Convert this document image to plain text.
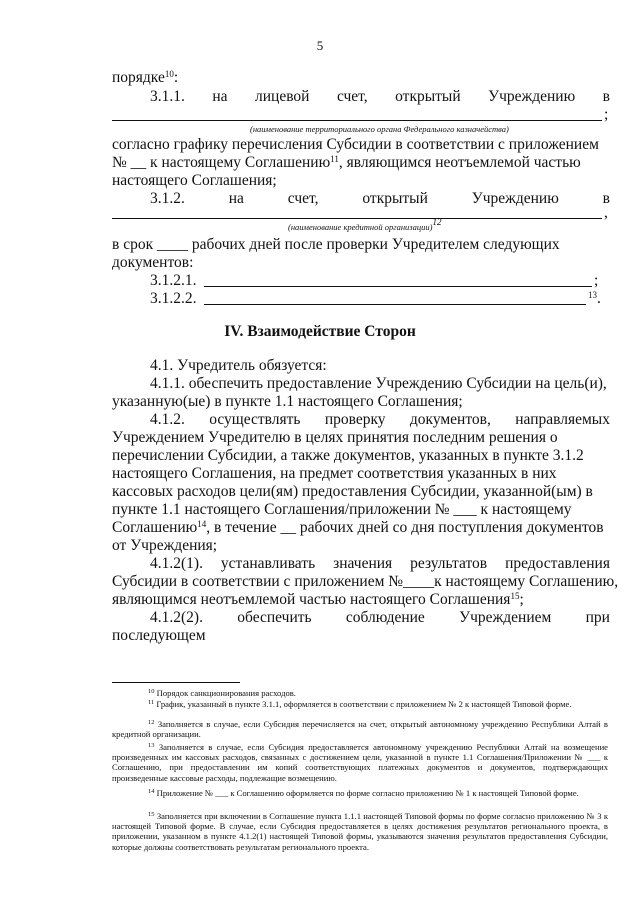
5
порядке$^{10}$:
3.1.1. на лицевой счет, открытый Учреждению в
;
(наименование территориального органа Федерального казначейства)
согласно графику перечисления Субсидии в соответствии с приложением
№ __ к настоящему Соглашению$^{11}$, являющимся неотъемлемой частью
настоящего Соглашения;
3.1.2.	на	счет,	открытый	Учреждению	в
,
(наименование кредитной организации)$^{12}$
в срок ____ рабочих дней после проверки Учредителем следующих
документов:
3.1.2.1.	;
3.1.2.2.	$^{13}$.
IV. Взаимодействие Сторон
4.1. Учредитель обязуется:
4.1.1. обеспечить предоставление Учреждению Субсидии на цель(и),
указанную(ые) в пункте 1.1 настоящего Соглашения;
4.1.2. осуществлять проверку документов, направляемых
Учреждением Учредителю в целях принятия последним решения о
перечислении Субсидии, а также документов, указанных в пункте 3.1.2
настоящего Соглашения, на предмет соответствия указанных в них
кассовых расходов цели(ям) предоставления Субсидии, указанной(ым) в
пункте 1.1 настоящего Соглашения/приложении № ___ к настоящему
Соглашению$^{14}$, в течение __ рабочих дней со дня поступления документов
от Учреждения;
4.1.2(1). устанавливать значения результатов предоставления
Субсидии в соответствии с приложением №____к настоящему Соглашению,
являющимся неотъемлемой частью настоящего Соглашения$^{15}$;
4.1.2(2). обеспечить соблюдение Учреждением при
последующем
$^{10}$ Порядок санкционирования расходов.
$^{11}$ График, указанный в пункте 3.1.1, оформляется в соответствии с приложением № 2 к настоящей Типовой форме.
$^{12}$ Заполняется в случае, если Субсидия перечисляется на счет, открытый автономному учреждению Республики Алтай в кредитной организации.
$^{13}$ Заполняется в случае, если Субсидия предоставляется автономному учреждению Республики Алтай на возмещение произведенных им кассовых расходов, связанных с достижением цели, указанной в пункте 1.1 Соглашения/Приложении № ___ к Соглашению, при предоставлении им копий соответствующих платежных документов и документов, подтверждающих произведенные кассовые расходы, подлежащие возмещению.
$^{14}$ Приложение № ___ к Соглашению оформляется по форме согласно приложению № 1 к настоящей Типовой форме.
$^{15}$ Заполняется при включении в Соглашение пункта 1.1.1 настоящей Типовой формы по форме согласно приложению № 3 к настоящей Типовой форме. В случае, если Субсидия предоставляется в целях достижения результатов регионального проекта, в приложении, указанном в пункте 4.1.2(1) настоящей Типовой формы, указываются значения результатов предоставления Субсидии, которые должны соответствовать результатам регионального проекта.
